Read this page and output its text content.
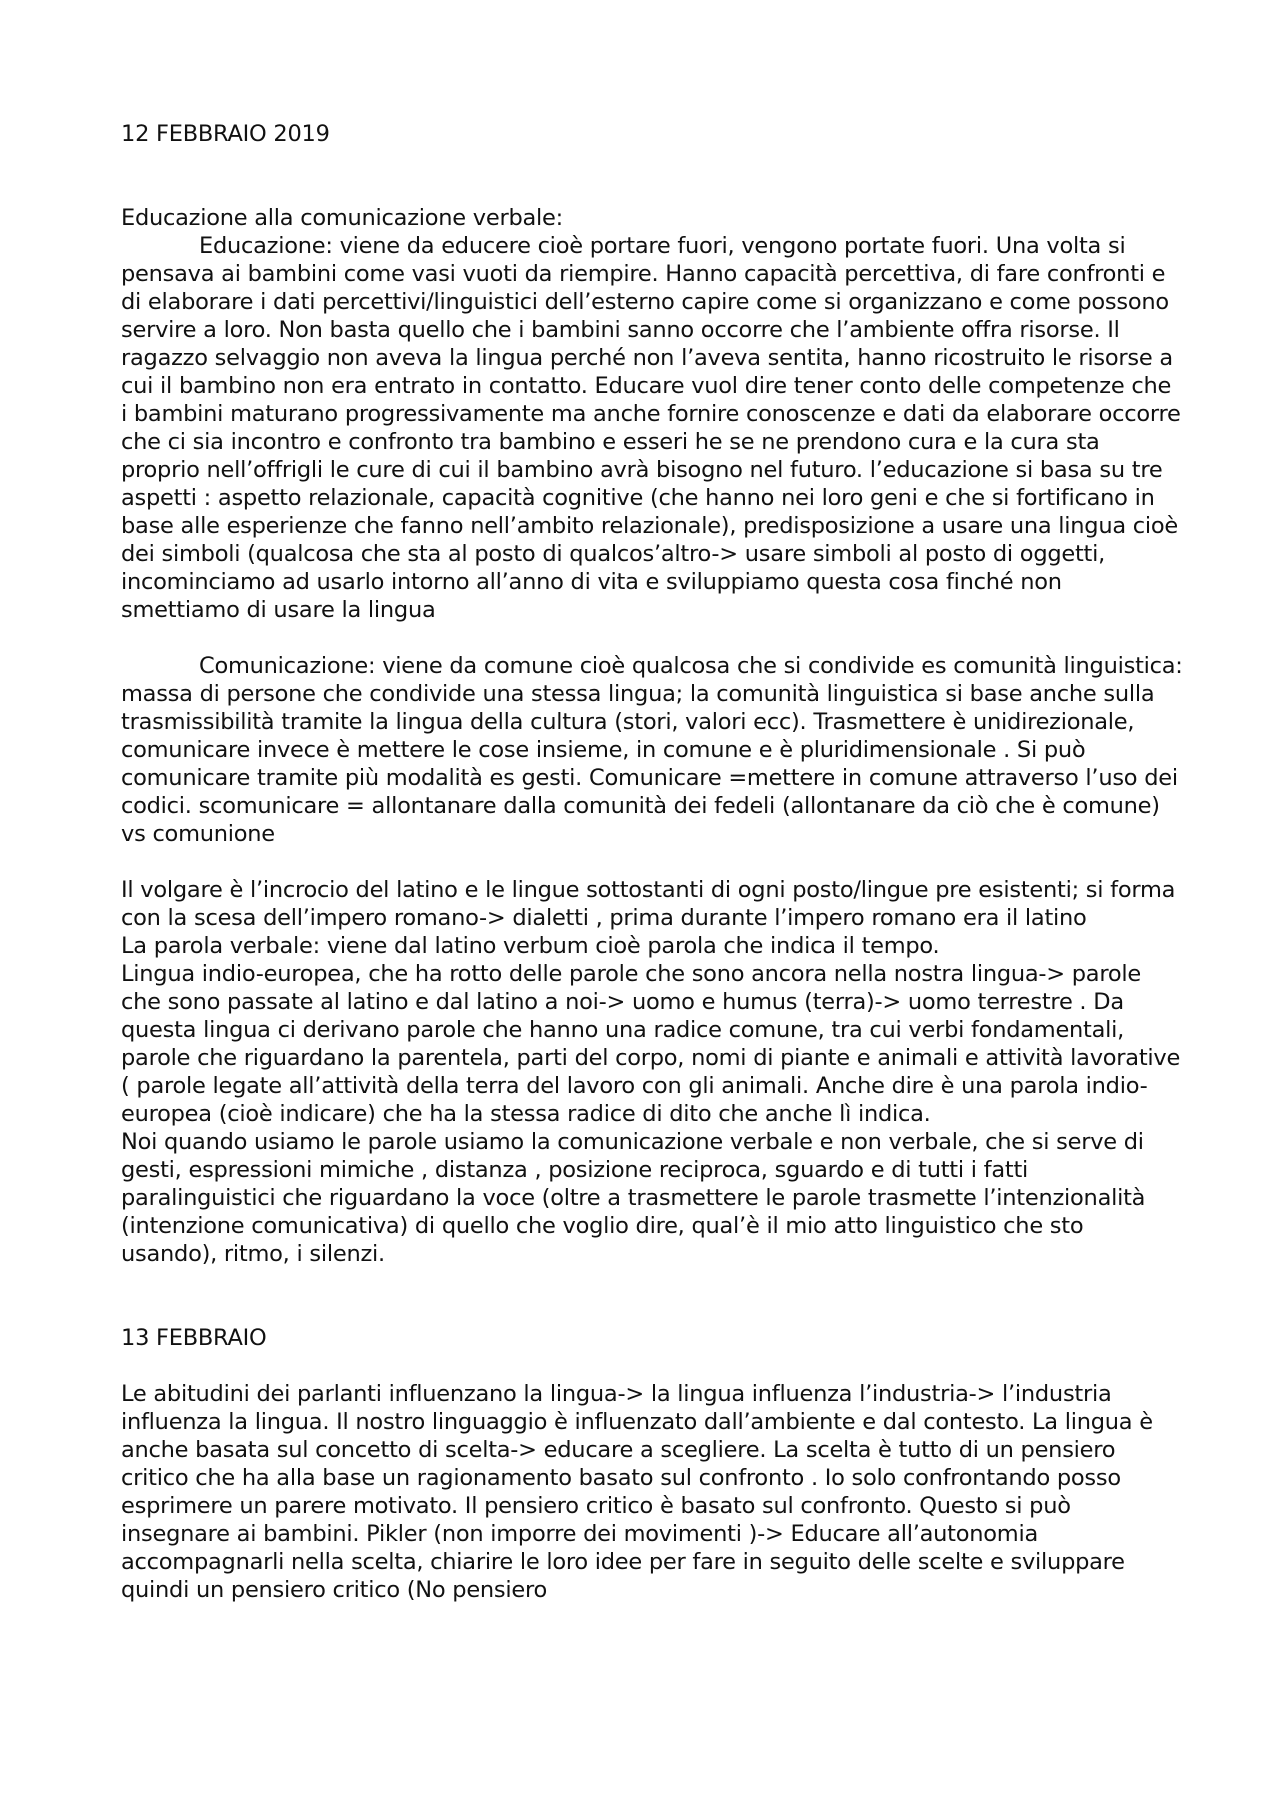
12 FEBBRAIO 2019

Educazione alla comunicazione verbale:

Educazione: viene da educere cioè portare fuori, vengono portate fuori. Una volta si pensava ai bambini come vasi vuoti da riempire. Hanno capacità percettiva, di fare confronti e di elaborare i dati percettivi/linguistici dell’esterno capire come si organizzano e come possono servire a loro. Non basta quello che i bambini sanno occorre che l’ambiente offra risorse. Il ragazzo selvaggio non aveva la lingua perché non l’aveva sentita, hanno ricostruito le risorse a cui il bambino non era entrato in contatto. Educare vuol dire tener conto delle competenze che i bambini maturano progressivamente ma anche fornire conoscenze e dati da elaborare occorre che ci sia incontro e confronto tra bambino e esseri he se ne prendono cura e la cura sta proprio nell’offrigli le cure di cui il bambino avrà bisogno nel futuro. l’educazione si basa su tre aspetti : aspetto relazionale, capacità cognitive (che hanno nei loro geni e che si fortificano in base alle esperienze che fanno nell’ambito relazionale), predisposizione a usare una lingua cioè dei simboli (qualcosa che sta al posto di qualcos’altro-> usare simboli al posto di oggetti, incominciamo ad usarlo intorno all’anno di vita e sviluppiamo questa cosa finché non smettiamo di usare la lingua

Comunicazione: viene da comune cioè qualcosa che si condivide es comunità linguistica: massa di persone che condivide una stessa lingua; la comunità linguistica si base anche sulla trasmissibilità tramite la lingua della cultura (stori, valori ecc). Trasmettere è unidirezionale, comunicare invece è mettere le cose insieme, in comune e è pluridimensionale . Si può comunicare tramite più modalità es gesti. Comunicare =mettere in comune attraverso l’uso dei codici. scomunicare = allontanare dalla comunità dei fedeli (allontanare da ciò che è comune) vs comunione

Il volgare è l’incrocio del latino e le lingue sottostanti di ogni posto/lingue pre esistenti; si forma con la scesa dell’impero romano-> dialetti , prima durante l’impero romano era il latino

La parola verbale: viene dal latino verbum cioè parola che indica il tempo.

Lingua indio-europea, che ha rotto delle parole che sono ancora nella nostra lingua-> parole che sono passate al latino e dal latino a noi-> uomo e humus (terra)-> uomo terrestre . Da questa lingua ci derivano parole che hanno una radice comune, tra cui verbi fondamentali, parole che riguardano la parentela, parti del corpo, nomi di piante e animali e attività lavorative ( parole legate all’attività della terra del lavoro con gli animali. Anche dire è una parola indio-europea (cioè indicare) che ha la stessa radice di dito che anche lì indica.

Noi quando usiamo le parole usiamo la comunicazione verbale e non verbale, che si serve di gesti, espressioni mimiche , distanza , posizione reciproca, sguardo e di tutti i fatti paralinguistici che riguardano la voce (oltre a trasmettere le parole trasmette l’intenzionalità (intenzione comunicativa) di quello che voglio dire, qual’è il mio atto linguistico che sto usando), ritmo, i silenzi.

13 FEBBRAIO

Le abitudini dei parlanti influenzano la lingua-> la lingua influenza l’industria-> l’industria influenza la lingua. Il nostro linguaggio è influenzato dall’ambiente e dal contesto. La lingua è anche basata sul concetto di scelta-> educare a scegliere. La scelta è tutto di un pensiero critico che ha alla base un ragionamento basato sul confronto . Io solo confrontando posso esprimere un parere motivato. Il pensiero critico è basato sul confronto. Questo si può insegnare ai bambini. Pikler (non imporre dei movimenti )-> Educare all’autonomia accompagnarli nella scelta, chiarire le loro idee per fare in seguito delle scelte e sviluppare quindi un pensiero critico (No pensiero
